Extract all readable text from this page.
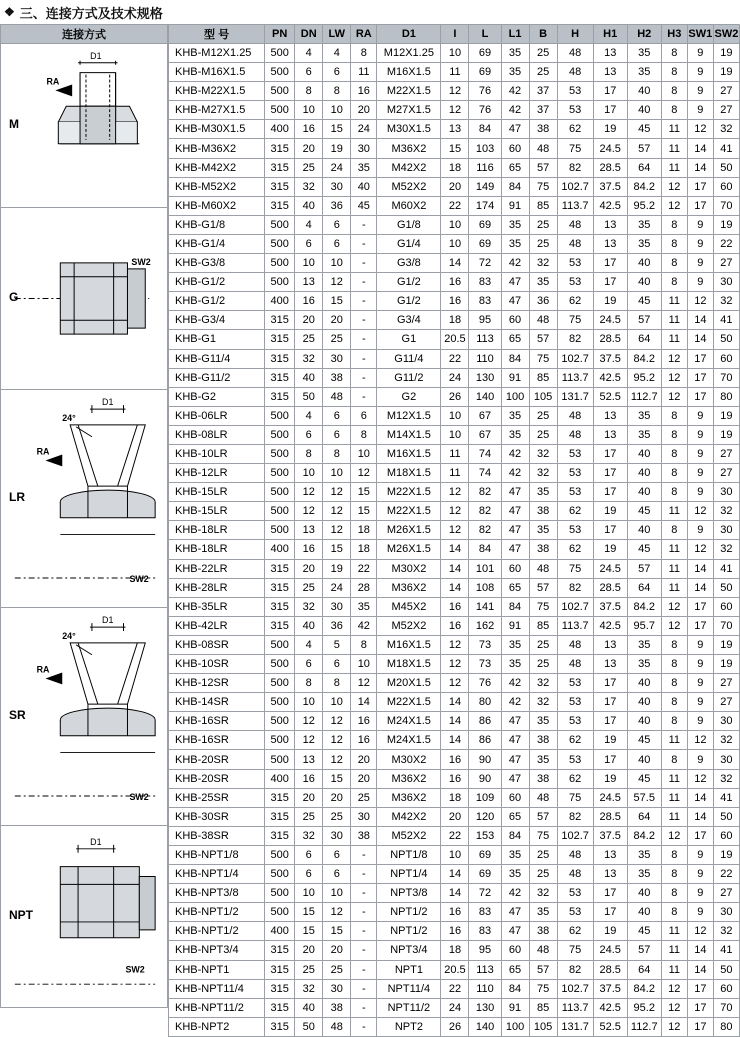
❖ 三、连接方式及技术规格
连接方式

M
D1
RA

G
SW2

LR
D1
24°
RA
SW2

SR
D1
24°
RA
SW2

NPT
D1
SW2
型 号	PN	DN	LW	RA	D1	I	L	L1	B	H	H1	H2	H3	SW1	SW2
KHB-M12X1.25	500	4	4	8	M12X1.25	10	69	35	25	48	13	35	8	9	19
KHB-M16X1.5	500	6	6	11	M16X1.5	11	69	35	25	48	13	35	8	9	19
KHB-M22X1.5	500	8	8	16	M22X1.5	12	76	42	37	53	17	40	8	9	27
KHB-M27X1.5	500	10	10	20	M27X1.5	12	76	42	37	53	17	40	8	9	27
KHB-M30X1.5	400	16	15	24	M30X1.5	13	84	47	38	62	19	45	11	12	32
KHB-M36X2	315	20	19	30	M36X2	15	103	60	48	75	24.5	57	11	14	41
KHB-M42X2	315	25	24	35	M42X2	18	116	65	57	82	28.5	64	11	14	50
KHB-M52X2	315	32	30	40	M52X2	20	149	84	75	102.7	37.5	84.2	12	17	60
KHB-M60X2	315	40	36	45	M60X2	22	174	91	85	113.7	42.5	95.2	12	17	70
KHB-G1/8	500	4	6	-	G1/8	10	69	35	25	48	13	35	8	9	19
KHB-G1/4	500	6	6	-	G1/4	10	69	35	25	48	13	35	8	9	22
KHB-G3/8	500	10	10	-	G3/8	14	72	42	32	53	17	40	8	9	27
KHB-G1/2	500	13	12	-	G1/2	16	83	47	35	53	17	40	8	9	30
KHB-G1/2	400	16	15	-	G1/2	16	83	47	36	62	19	45	11	12	32
KHB-G3/4	315	20	20	-	G3/4	18	95	60	48	75	24.5	57	11	14	41
KHB-G1	315	25	25	-	G1	20.5	113	65	57	82	28.5	64	11	14	50
KHB-G11/4	315	32	30	-	G11/4	22	110	84	75	102.7	37.5	84.2	12	17	60
KHB-G11/2	315	40	38	-	G11/2	24	130	91	85	113.7	42.5	95.2	12	17	70
KHB-G2	315	50	48	-	G2	26	140	100	105	131.7	52.5	112.7	12	17	80
KHB-06LR	500	4	6	6	M12X1.5	10	67	35	25	48	13	35	8	9	19
KHB-08LR	500	6	6	8	M14X1.5	10	67	35	25	48	13	35	8	9	19
KHB-10LR	500	8	8	10	M16X1.5	11	74	42	32	53	17	40	8	9	27
KHB-12LR	500	10	10	12	M18X1.5	11	74	42	32	53	17	40	8	9	27
KHB-15LR	500	12	12	15	M22X1.5	12	82	47	35	53	17	40	8	9	30
KHB-15LR	500	12	12	15	M22X1.5	12	82	47	38	62	19	45	11	12	32
KHB-18LR	500	13	12	18	M26X1.5	12	82	47	35	53	17	40	8	9	30
KHB-18LR	400	16	15	18	M26X1.5	14	84	47	38	62	19	45	11	12	32
KHB-22LR	315	20	19	22	M30X2	14	101	60	48	75	24.5	57	11	14	41
KHB-28LR	315	25	24	28	M36X2	14	108	65	57	82	28.5	64	11	14	50
KHB-35LR	315	32	30	35	M45X2	16	141	84	75	102.7	37.5	84.2	12	17	60
KHB-42LR	315	40	36	42	M52X2	16	162	91	85	113.7	42.5	95.7	12	17	70
KHB-08SR	500	4	5	8	M16X1.5	12	73	35	25	48	13	35	8	9	19
KHB-10SR	500	6	6	10	M18X1.5	12	73	35	25	48	13	35	8	9	19
KHB-12SR	500	8	8	12	M20X1.5	12	76	42	32	53	17	40	8	9	27
KHB-14SR	500	10	10	14	M22X1.5	14	80	42	32	53	17	40	8	9	27
KHB-16SR	500	12	12	16	M24X1.5	14	86	47	35	53	17	40	8	9	30
KHB-16SR	500	12	12	16	M24X1.5	14	86	47	38	62	19	45	11	12	32
KHB-20SR	500	13	12	20	M30X2	16	90	47	35	53	17	40	8	9	30
KHB-20SR	400	16	15	20	M36X2	16	90	47	38	62	19	45	11	12	32
KHB-25SR	315	20	20	25	M36X2	18	109	60	48	75	24.5	57.5	11	14	41
KHB-30SR	315	25	25	30	M42X2	20	120	65	57	82	28.5	64	11	14	50
KHB-38SR	315	32	30	38	M52X2	22	153	84	75	102.7	37.5	84.2	12	17	60
KHB-NPT1/8	500	6	6	-	NPT1/8	10	69	35	25	48	13	35	8	9	19
KHB-NPT1/4	500	6	6	-	NPT1/4	14	69	35	25	48	13	35	8	9	22
KHB-NPT3/8	500	10	10	-	NPT3/8	14	72	42	32	53	17	40	8	9	27
KHB-NPT1/2	500	15	12	-	NPT1/2	16	83	47	35	53	17	40	8	9	30
KHB-NPT1/2	400	15	15	-	NPT1/2	16	83	47	38	62	19	45	11	12	32
KHB-NPT3/4	315	20	20	-	NPT3/4	18	95	60	48	75	24.5	57	11	14	41
KHB-NPT1	315	25	25	-	NPT1	20.5	113	65	57	82	28.5	64	11	14	50
KHB-NPT11/4	315	32	30	-	NPT11/4	22	110	84	75	102.7	37.5	84.2	12	17	60
KHB-NPT11/2	315	40	38	-	NPT11/2	24	130	91	85	113.7	42.5	95.2	12	17	70
KHB-NPT2	315	50	48	-	NPT2	26	140	100	105	131.7	52.5	112.7	12	17	80
